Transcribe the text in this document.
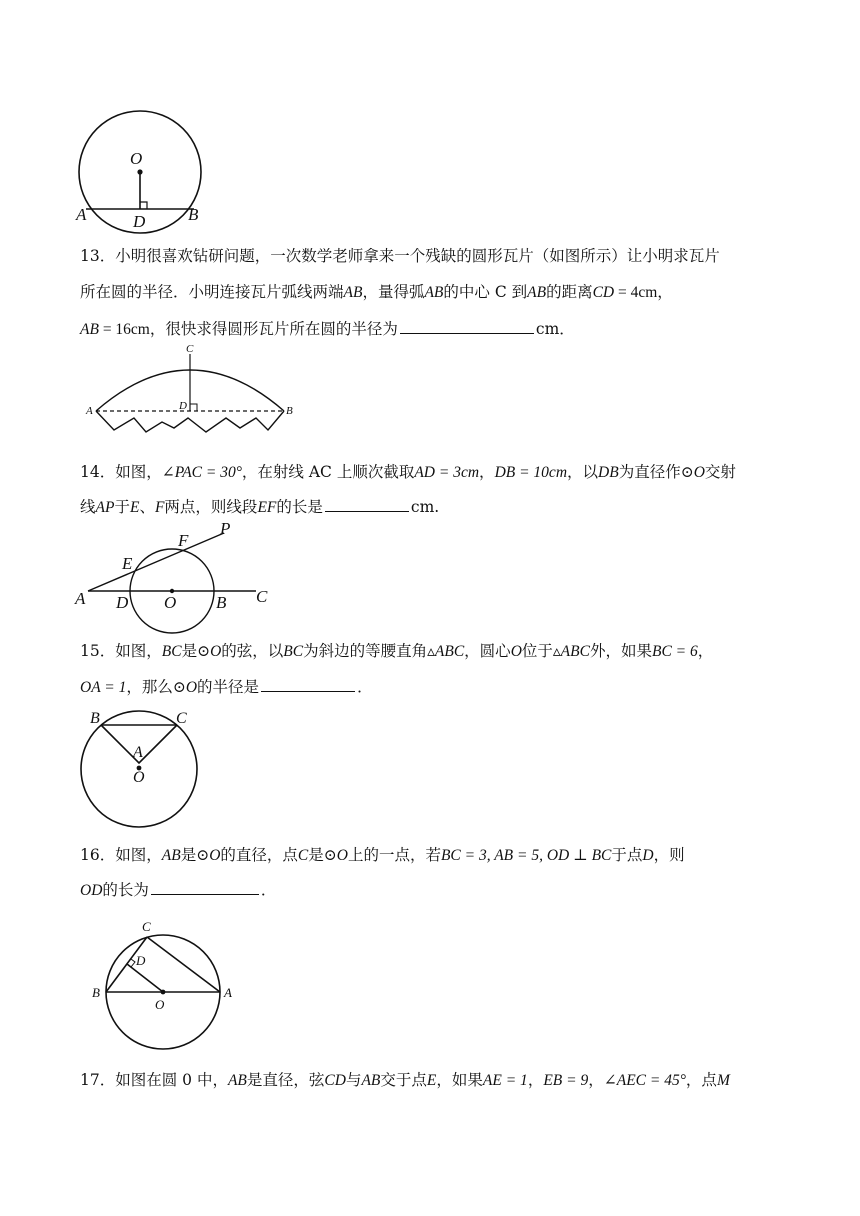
O
A	D	B
13．小明很喜欢钻研问题，一次数学老师拿来一个残缺的圆形瓦片（如图所示）让小明求瓦片
所在圆的半径．小明连接瓦片弧线两端AB，量得弧AB的中心 C 到AB的距离CD = 4cm，
AB = 16cm，很快求得圆形瓦片所在圆的半径为	cm．
C
D
A	B
14．如图，∠PAC = 30°，在射线 AC 上顺次截取AD = 3cm，DB = 10cm，以DB为直径作⊙O交射
线AP于E、F两点，则线段EF的长是	cm.
P
F
E
A D O B C
15．如图，BC是⊙O的弦，以BC为斜边的等腰直角▵ABC，圆心O位于▵ABC外，如果BC = 6，
OA = 1，那么⊙O的半径是	．
B	C
A
O
16．如图，AB是⊙O的直径，点C是⊙O上的一点，若BC = 3, AB = 5, OD ⊥ BC于点D，则
OD的长为	．
C
D
B
O
A
17．如图在圆 0 中，AB是直径，弦CD与AB交于点E，如果AE = 1，EB = 9，∠AEC = 45°，点M
